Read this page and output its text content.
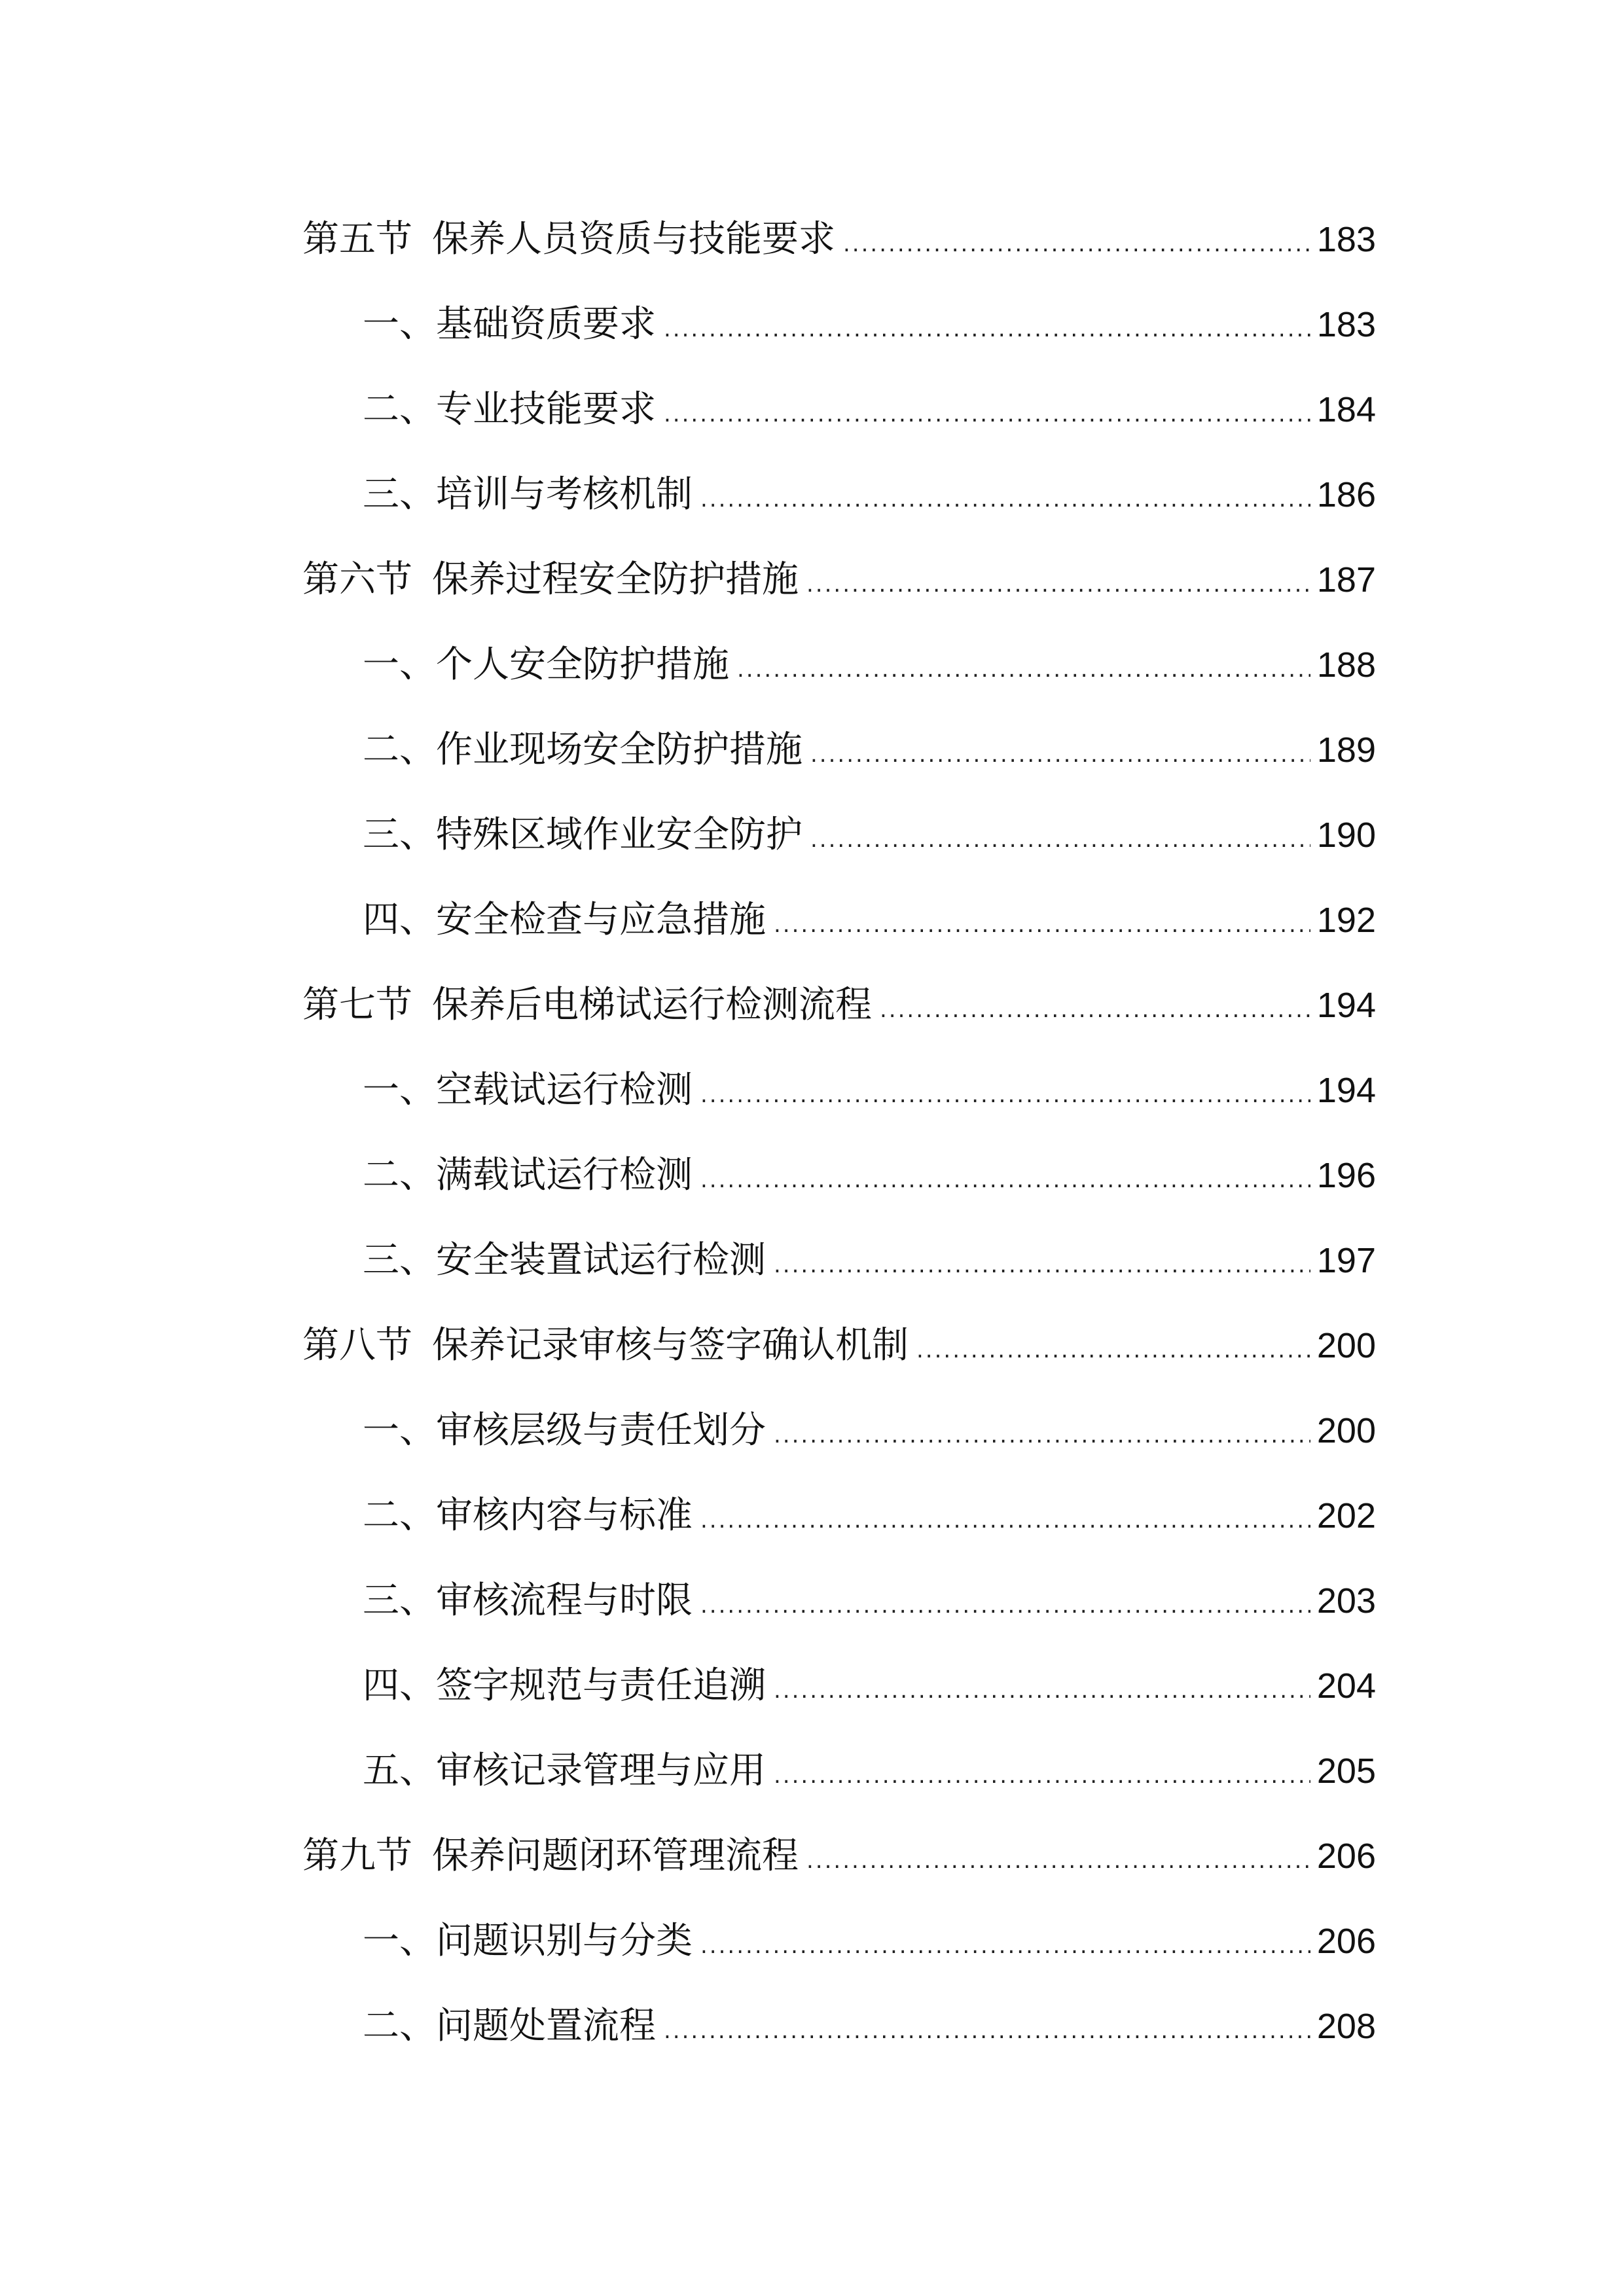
第五节 保养人员资质与技能要求 .....	183
一、 基础资质要求 .....	183
二、 专业技能要求 .....	184
三、 培训与考核机制 .....	186
第六节 保养过程安全防护措施 .....	187
一、 个人安全防护措施 .....	188
二、 作业现场安全防护措施 .....	189
三、 特殊区域作业安全防护 .....	190
四、 安全检查与应急措施 .....	192
第七节 保养后电梯试运行检测流程 .....	194
一、 空载试运行检测 .....	194
二、 满载试运行检测 .....	196
三、 安全装置试运行检测 .....	197
第八节 保养记录审核与签字确认机制 .....	200
一、 审核层级与责任划分 .....	200
二、 审核内容与标准 .....	202
三、 审核流程与时限 .....	203
四、 签字规范与责任追溯 .....	204
五、 审核记录管理与应用 .....	205
第九节 保养问题闭环管理流程 .....	206
一、 问题识别与分类 .....	206
二、 问题处置流程 .....	208
